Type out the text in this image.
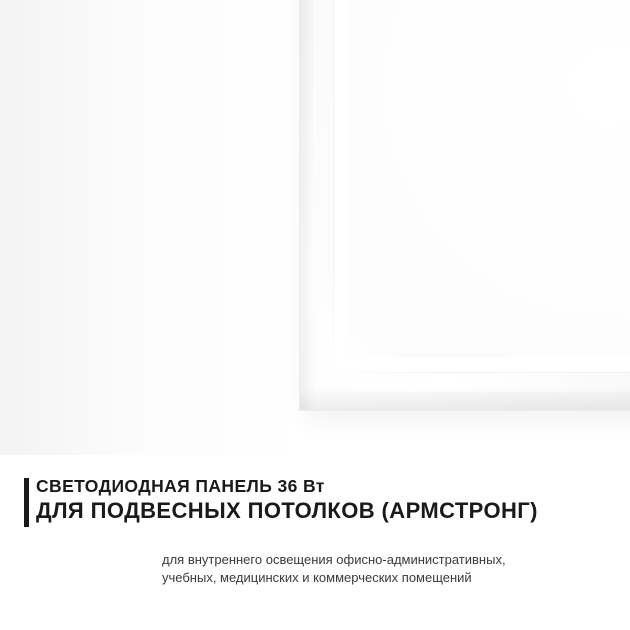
СВЕТОДИОДНАЯ ПАНЕЛЬ 36 Вт
ДЛЯ ПОДВЕСНЫХ ПОТОЛКОВ (АРМСТРОНГ)
для внутреннего освещения офисно-административных,
учебных, медицинских и коммерческих помещений
